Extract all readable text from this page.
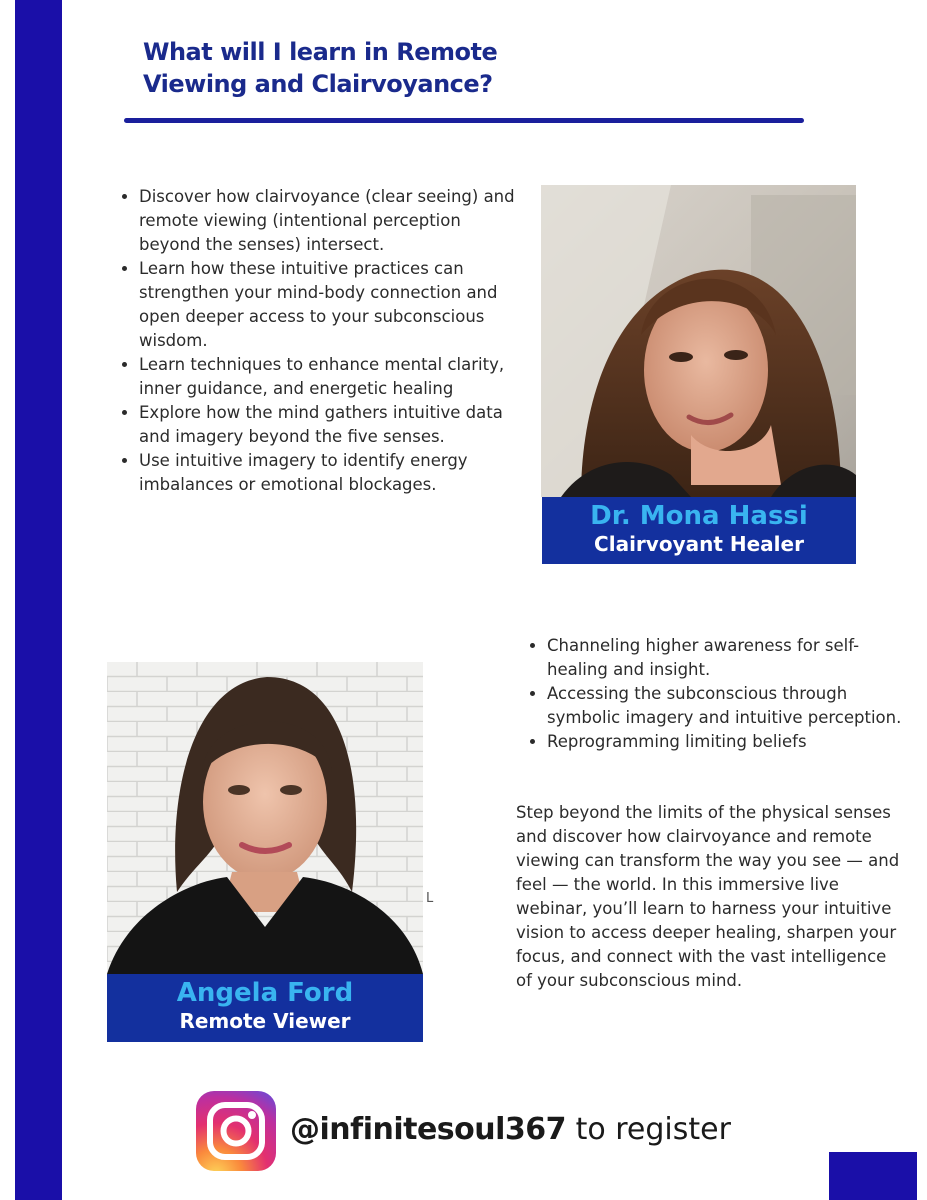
What will I learn in Remote Viewing and Clairvoyance?
• Discover how clairvoyance (clear seeing) and remote viewing (intentional perception beyond the senses) intersect.
• Learn how these intuitive practices can strengthen your mind-body connection and open deeper access to your subconscious wisdom.
• Learn techniques to enhance mental clarity, inner guidance, and energetic healing
• Explore how the mind gathers intuitive data and imagery beyond the five senses.
• Use intuitive imagery to identify energy imbalances or emotional blockages.
Dr. Mona Hassi
Clairvoyant Healer
• Channeling higher awareness for self-healing and insight.
• Accessing the subconscious through symbolic imagery and intuitive perception.
• Reprogramming limiting beliefs

Step beyond the limits of the physical senses and discover how clairvoyance and remote viewing can transform the way you see — and feel — the world. In this immersive live webinar, you’ll learn to harness your intuitive vision to access deeper healing, sharpen your focus, and connect with the vast intelligence of your subconscious mind.

Angela Ford
Remote Viewer
L

@infinitesoul367 to register
